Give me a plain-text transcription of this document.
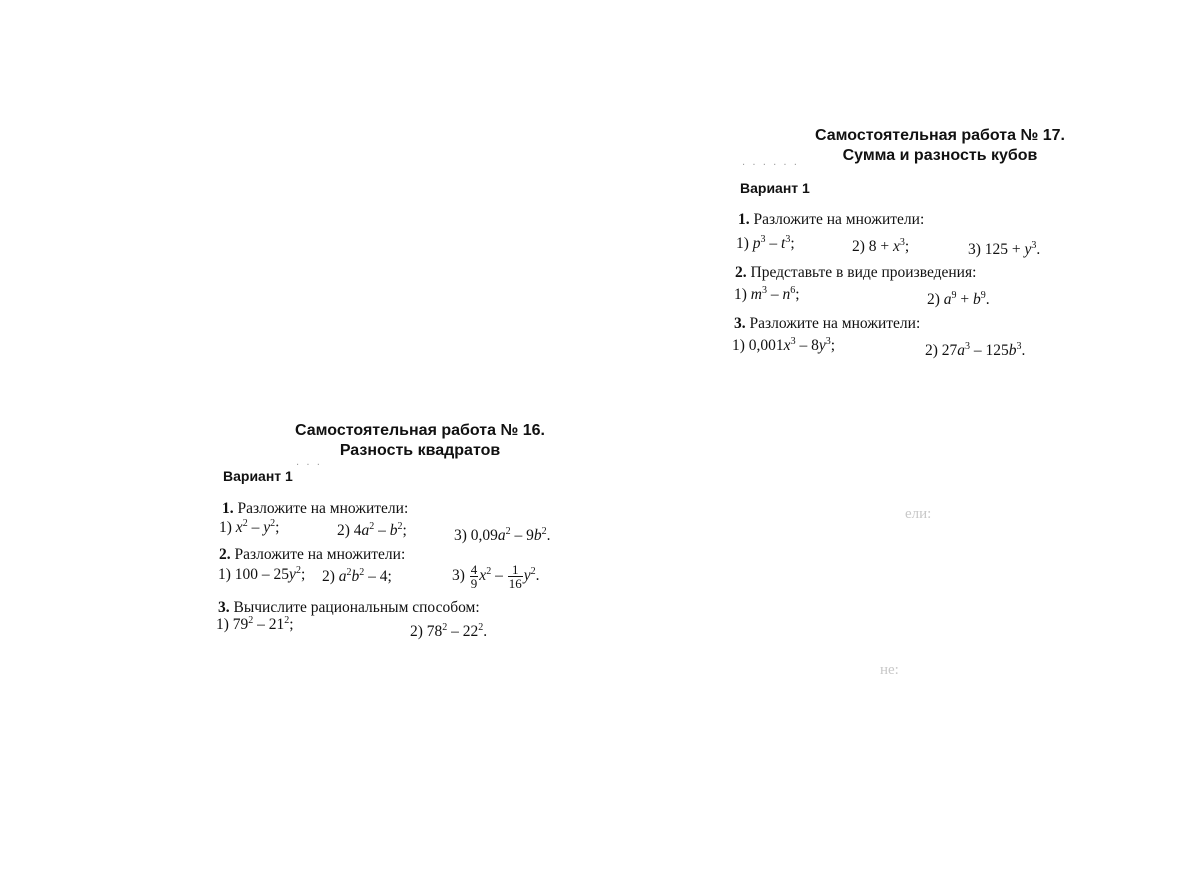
ели:
не:
· · · · · ·
· · ·
Самостоятельная работа № 17.
Сумма и разность кубов
Вариант 1
1. Разложите на множители:
1) $p^3 - t^3$;	2) $8 + x^3$;	3) $125 + y^3$.
2. Представьте в виде произведения:
1) $m^3 - n^6$;	2) $a^9 + b^9$.
3. Разложите на множители:
1) $0,001x^3 - 8y^3$;	2) $27a^3 - 125b^3$.
Самостоятельная работа № 16.
Разность квадратов
Вариант 1
1. Разложите на множители:
1) $x^2 - y^2$;	2) $4a^2 - b^2$;	3) $0,09a^2 - 9b^2$.
2. Разложите на множители:
1) $100 - 25y^2$; 2) $a^2b^2 - 4$;	$3) \frac{4}{9} x^2 - \frac{1}{16} y^2$.
3. Вычислите рациональным способом:
1) $79^2 - 21^2$;	2) $78^2 - 22^2$.
